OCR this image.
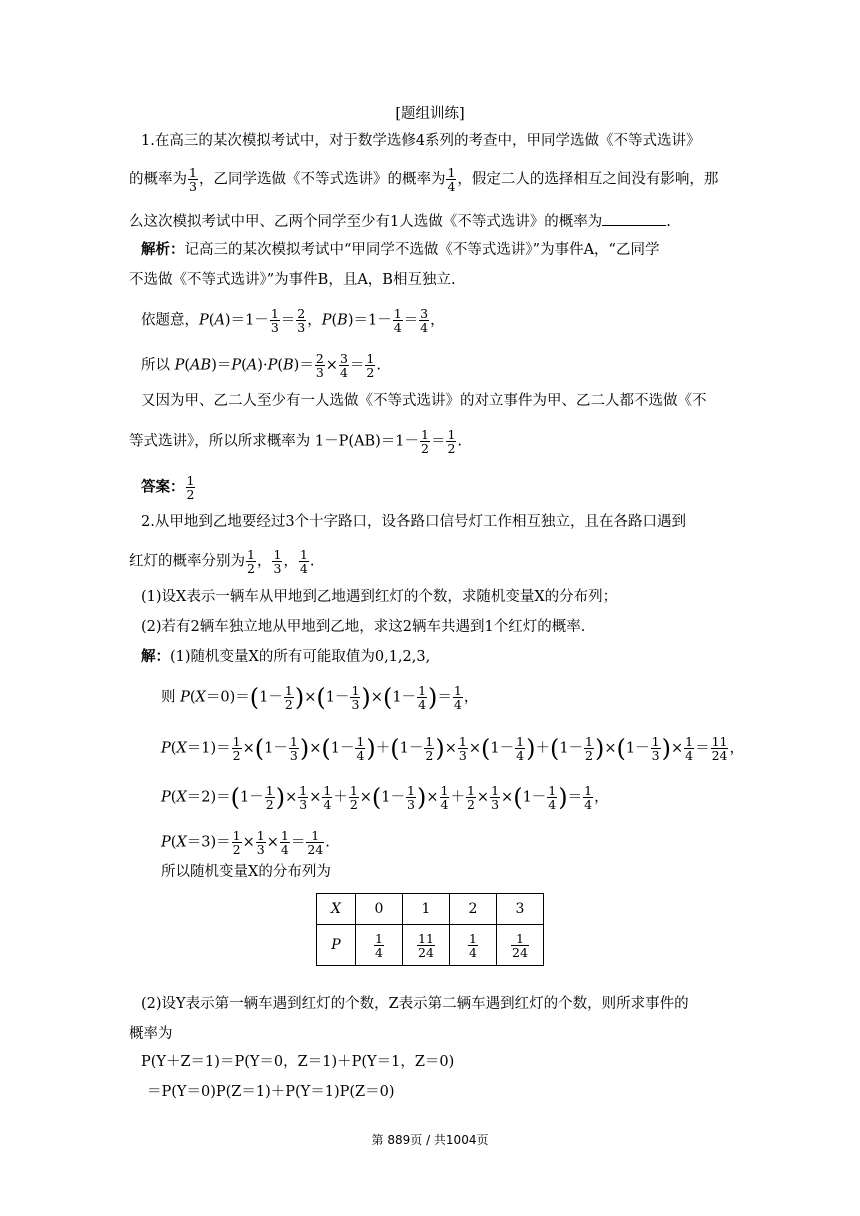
[题组训练]
1.在高三的某次模拟考试中，对于数学选修4系列的考查中，甲同学选做《不等式选讲》
的概率为 $\frac{1}{3}$ ，乙同学选做《不等式选讲》的概率为 $\frac{1}{4}$ ，假定二人的选择相互之间没有影响，那
么这次模拟考试中甲、乙两个同学至少有1人选做《不等式选讲》的概率为	.
解析：记高三的某次模拟考试中“甲同学不选做《不等式选讲》”为事件A，“乙同学
不选做《不等式选讲》”为事件B，且A，B相互独立.
依题意，$P(A)=1- \frac{1}{3} = \frac{2}{3}$ ，$P(B)=1- \frac{1}{4} = \frac{3}{4}$ ，
所以 $P(AB)=P(A)\cdot P(B)= \frac{2}{3} \times \frac{3}{4} = \frac{1}{2}$ .
又因为甲、乙二人至少有一人选做《不等式选讲》的对立事件为甲、乙二人都不选做《不
等式选讲》，所以所求概率为 $1-P(AB)=1- \frac{1}{2} = \frac{1}{2}$ .
答案： $\frac{1}{2}$
2.从甲地到乙地要经过3个十字路口，设各路口信号灯工作相互独立，且在各路口遇到
红灯的概率分别为 $\frac{1}{2}$ ， $\frac{1}{3}$ ， $\frac{1}{4}$ .
(1)设X表示一辆车从甲地到乙地遇到红灯的个数，求随机变量X的分布列；
(2)若有2辆车独立地从甲地到乙地，求这2辆车共遇到1个红灯的概率.
解：(1)随机变量X的所有可能取值为0,1,2,3,
则 $P(X=0)=(1- \frac{1}{2} )\times(1- \frac{1}{3} )\times(1- \frac{1}{4}$ )＝ $\frac{1}{4}$ ，
$P(X=1)= \frac{1}{2} \times(1- \frac{1}{3} )\times(1- \frac{1}{4} )+(1- \frac{1}{2}$ )× $\frac{1}{3} \times(1- \frac{1}{4} )+(1- \frac{1}{2} )\times(1- \frac{1}{3}$ )× $\frac{1}{4} = \frac{11}{24}$ ，
$P(X=2)=(1- \frac{1}{2}$ )× $\frac{1}{3} \times \frac{1}{4} + \frac{1}{2} \times(1- \frac{1}{3}$ )× $\frac{1}{4} + \frac{1}{2} \times \frac{1}{3} \times(1- \frac{1}{4}$ )＝ $\frac{1}{4}$ ，
$P(X=3)= \frac{1}{2} \times \frac{1}{3} \times \frac{1}{4} = \frac{1}{24}$ .
所以随机变量X的分布列为
X	0	1	2	3
P	$\frac{1}{4}$	$\frac{11}{24}$	$\frac{1}{4}$	$\frac{1}{24}$
(2)设Y表示第一辆车遇到红灯的个数，Z表示第二辆车遇到红灯的个数，则所求事件的
概率为
P(Y＋Z＝1)＝P(Y＝0，Z＝1)＋P(Y＝1，Z＝0)
＝P(Y＝0)P(Z＝1)＋P(Y＝1)P(Z＝0)
第 889页 / 共1004页
